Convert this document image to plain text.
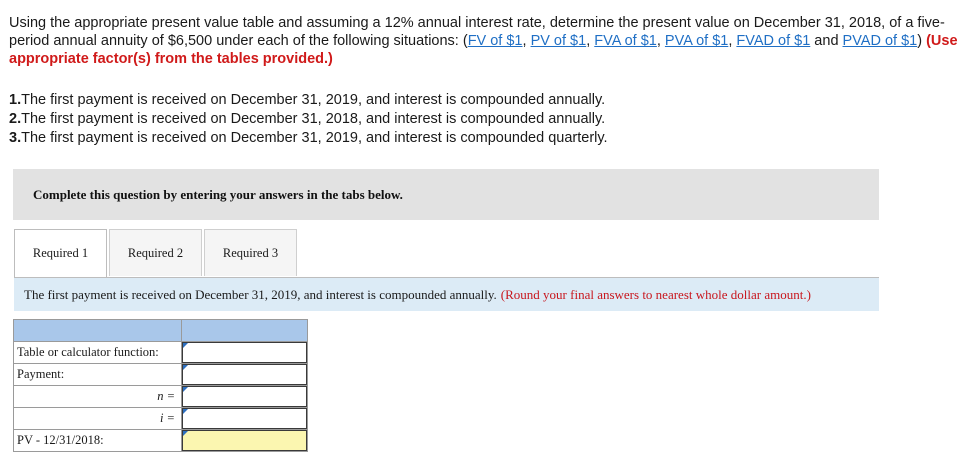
Using the appropriate present value table and assuming a 12% annual interest rate, determine the present value on December 31, 2018, of a five-period annual annuity of $6,500 under each of the following situations: (FV of $1, PV of $1, FVA of $1, PVA of $1, FVAD of $1 and PVAD of $1) (Use appropriate factor(s) from the tables provided.)
1.The first payment is received on December 31, 2019, and interest is compounded annually.
2.The first payment is received on December 31, 2018, and interest is compounded annually.
3.The first payment is received on December 31, 2019, and interest is compounded quarterly.
Complete this question by entering your answers in the tabs below.
Required 1	Required 2	Required 3
The first payment is received on December 31, 2019, and interest is compounded annually. (Round your final answers to nearest whole dollar amount.)

Table or calculator function:	
Payment:	
n =	
i =	
PV - 12/31/2018:	
